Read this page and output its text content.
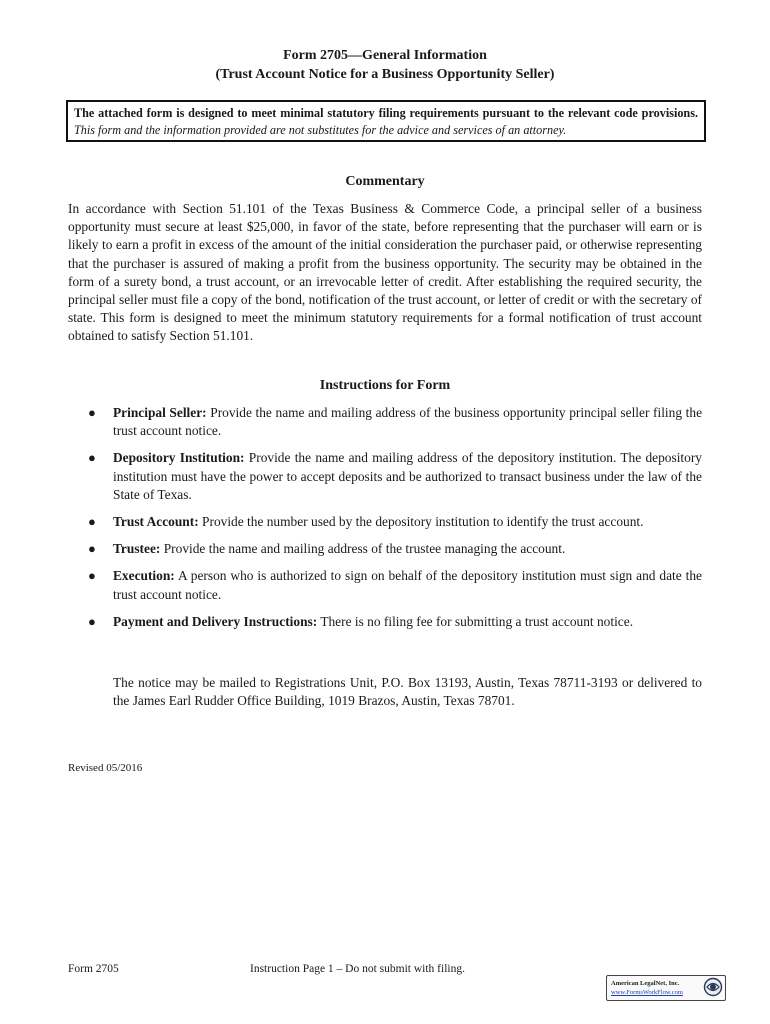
Form 2705—General Information
(Trust Account Notice for a Business Opportunity Seller)
The attached form is designed to meet minimal statutory filing requirements pursuant to the relevant code provisions. This form and the information provided are not substitutes for the advice and services of an attorney.
Commentary
In accordance with Section 51.101 of the Texas Business & Commerce Code, a principal seller of a business opportunity must secure at least $25,000, in favor of the state, before representing that the purchaser will earn or is likely to earn a profit in excess of the amount of the initial consideration the purchaser paid, or otherwise representing that the purchaser is assured of making a profit from the business opportunity. The security may be obtained in the form of a surety bond, a trust account, or an irrevocable letter of credit. After establishing the required security, the principal seller must file a copy of the bond, notification of the trust account, or letter of credit or with the secretary of state. This form is designed to meet the minimum statutory requirements for a formal notification of trust account obtained to satisfy Section 51.101.
Instructions for Form
● Principal Seller: Provide the name and mailing address of the business opportunity principal seller filing the trust account notice.
● Depository Institution: Provide the name and mailing address of the depository institution. The depository institution must have the power to accept deposits and be authorized to transact business under the law of the State of Texas.
● Trust Account: Provide the number used by the depository institution to identify the trust account.
● Trustee: Provide the name and mailing address of the trustee managing the account.
● Execution: A person who is authorized to sign on behalf of the depository institution must sign and date the trust account notice.
● Payment and Delivery Instructions: There is no filing fee for submitting a trust account notice.
The notice may be mailed to Registrations Unit, P.O. Box 13193, Austin, Texas 78711-3193 or delivered to the James Earl Rudder Office Building, 1019 Brazos, Austin, Texas 78701.
Revised 05/2016
Form 2705	Instruction Page 1 – Do not submit with filing.
American LegalNet, Inc.
www.FormsWorkFlow.com
